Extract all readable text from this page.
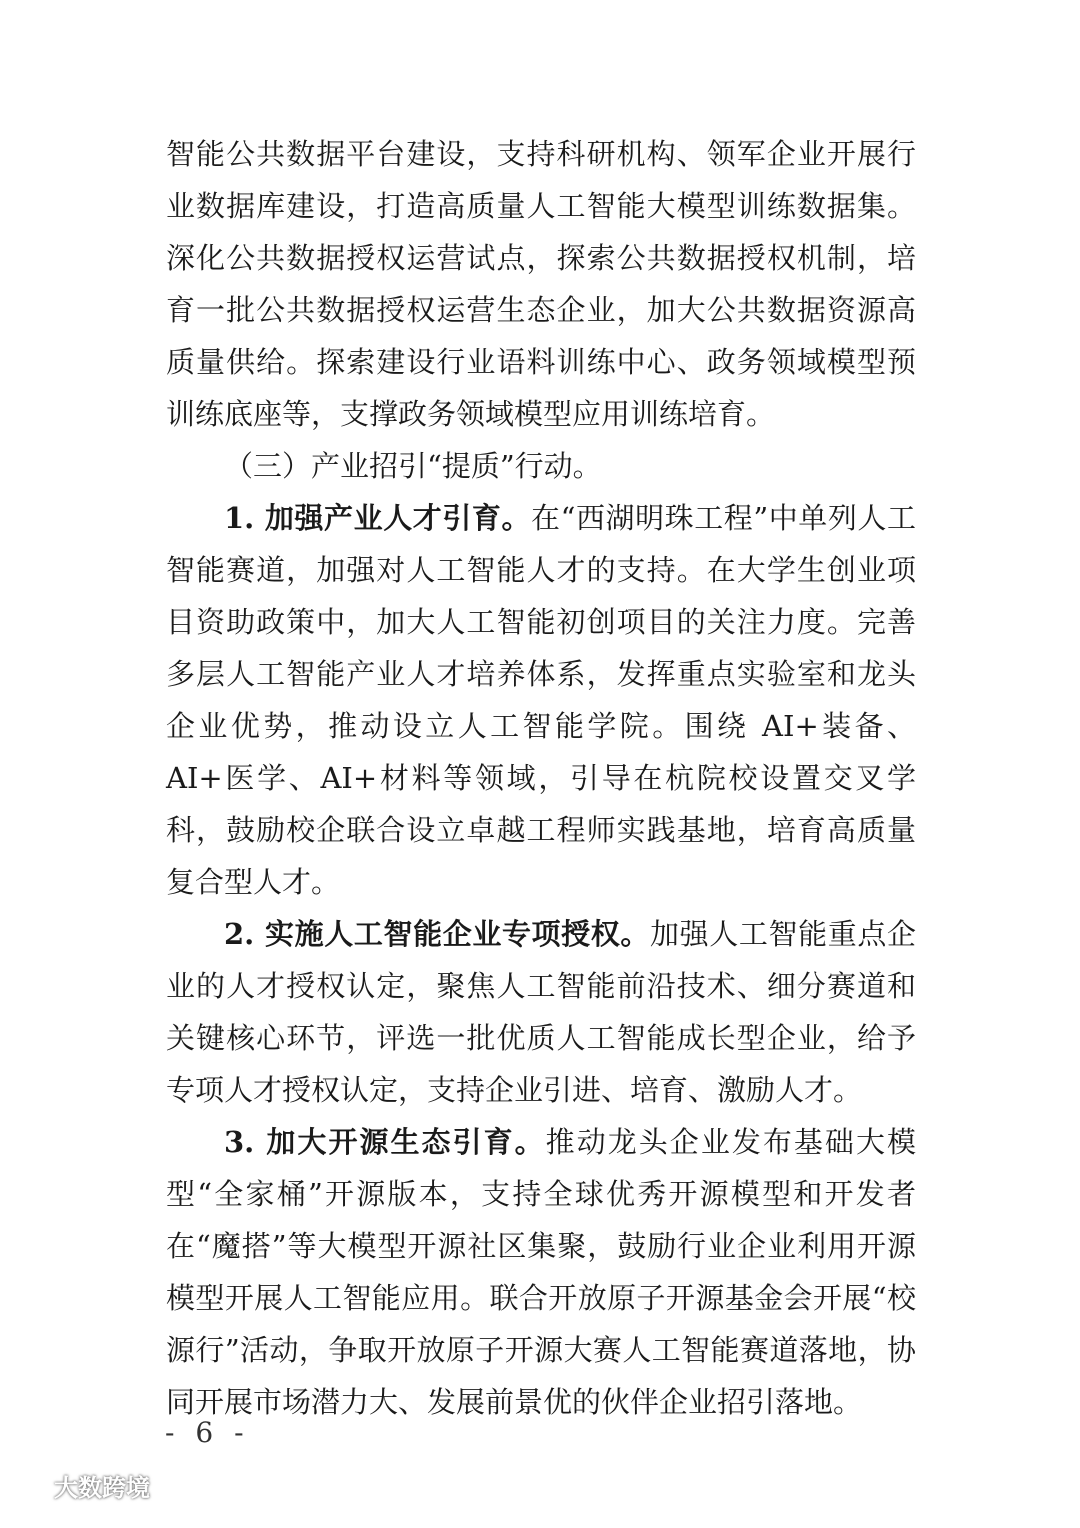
智能公共数据平台建设，支持科研机构、领军企业开展行业数据库建设，打造高质量人工智能大模型训练数据集。深化公共数据授权运营试点，探索公共数据授权机制，培育一批公共数据授权运营生态企业，加大公共数据资源高质量供给。探索建设行业语料训练中心、政务领域模型预训练底座等，支撑政务领域模型应用训练培育。

（三）产业招引“提质”行动。

1. 加强产业人才引育。在“西湖明珠工程”中单列人工智能赛道，加强对人工智能人才的支持。在大学生创业项目资助政策中，加大人工智能初创项目的关注力度。完善多层人工智能产业人才培养体系，发挥重点实验室和龙头企业优势，推动设立人工智能学院。围绕 AI+装备、AI+医学、AI+材料等领域，引导在杭院校设置交叉学科，鼓励校企联合设立卓越工程师实践基地，培育高质量复合型人才。

2. 实施人工智能企业专项授权。加强人工智能重点企业的人才授权认定，聚焦人工智能前沿技术、细分赛道和关键核心环节，评选一批优质人工智能成长型企业，给予专项人才授权认定，支持企业引进、培育、激励人才。

3. 加大开源生态引育。推动龙头企业发布基础大模型“全家桶”开源版本，支持全球优秀开源模型和开发者在“魔搭”等大模型开源社区集聚，鼓励行业企业利用开源模型开展人工智能应用。联合开放原子开源基金会开展“校源行”活动，争取开放原子开源大赛人工智能赛道落地，协同开展市场潜力大、发展前景优的伙伴企业招引落地。

- 6 -
大数跨境
